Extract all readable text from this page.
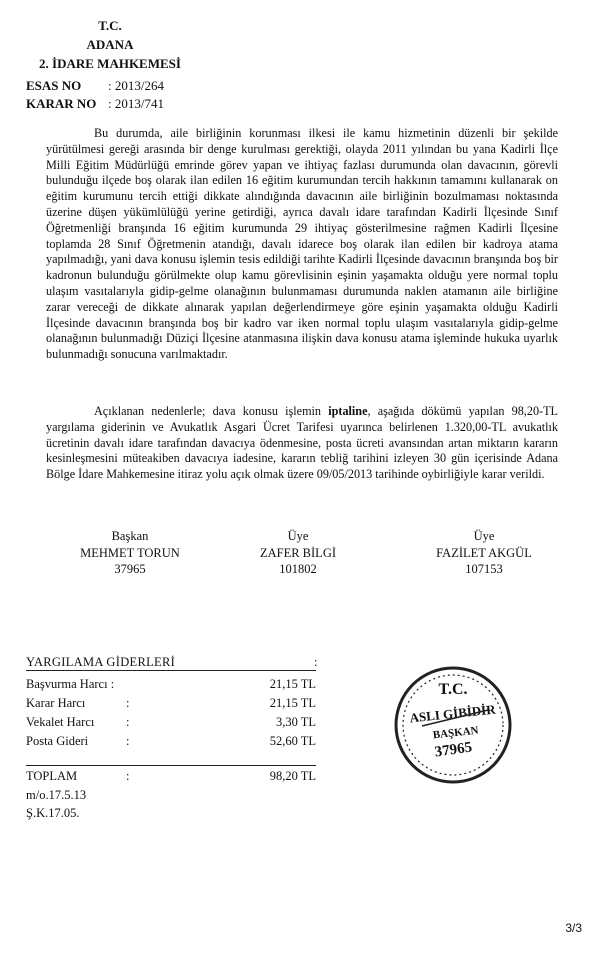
T.C.
ADANA
2. İDARE MAHKEMESİ
ESAS NO : 2013/264
KARAR NO : 2013/741
Bu durumda, aile birliğinin korunması ilkesi ile kamu hizmetinin düzenli bir şekilde yürütülmesi gereği arasında bir denge kurulması gerektiği, olayda 2011 yılından bu yana Kadirli İlçe Milli Eğitim Müdürlüğü emrinde görev yapan ve ihtiyaç fazlası durumunda olan davacının, görevli bulunduğu ilçede boş olarak ilan edilen 16 eğitim kurumundan tercih hakkının tamamını kullanarak on eğitim kurumunu tercih ettiği dikkate alındığında davacının aile birliğinin bozulmaması noktasında üzerine düşen yükümlülüğü yerine getirdiği, ayrıca davalı idare tarafından Kadirli İlçesinde Sınıf Öğretmenliği branşında 16 eğitim kurumunda 29 ihtiyaç gösterilmesine rağmen Kadirli İlçesine toplamda 28 Sınıf Öğretmenin atandığı, davalı idarece boş olarak ilan edilen bir kadroya atama yapılmadığı, yani dava konusu işlemin tesis edildiği tarihte Kadirli İlçesinde davacının branşında boş bir kadronun bulunduğu görülmekte olup kamu görevlisinin eşinin yaşamakta olduğu yere normal toplu ulaşım vasıtalarıyla gidip-gelme olanağının bulunmaması durumunda naklen atamanın aile birliğine zarar vereceği de dikkate alınarak yapılan değerlendirmeye göre eşinin yaşamakta olduğu Kadirli İlçesinde davacının branşında boş bir kadro var iken normal toplu ulaşım vasıtalarıyla gidip-gelme olanağının bulunmadığı Düziçi İlçesine atanmasına ilişkin dava konusu atama işleminde hukuka uyarlık bulunmadığı sonucuna varılmaktadır.
Açıklanan nedenlerle; dava konusu işlemin iptaline, aşağıda dökümü yapılan 98,20-TL yargılama giderinin ve Avukatlık Asgari Ücret Tarifesi uyarınca belirlenen 1.320,00-TL avukatlık ücretinin davalı idare tarafından davacıya ödenmesine, posta ücreti avansından artan miktarın kararın kesinleşmesini müteakiben davacıya iadesine, kararın tebliğ tarihini izleyen 30 gün içerisinde Adana Bölge İdare Mahkemesine itiraz yolu açık olmak üzere 09/05/2013 tarihinde oybirliğiyle karar verildi.
Başkan
MEHMET TORUN
37965
Üye
ZAFER BİLGİ
101802
Üye
FAZİLET AKGÜL
107153
YARGILAMA GİDERLERİ	:
Başvurma Harcı :	21,15 TL
Karar Harcı	:	21,15 TL
Vekalet Harcı	:	3,30 TL
Posta Gideri	:	52,60 TL
TOPLAM	:	98,20 TL
m/o.17.5.13
Ş.K.17.05.
T.C.
ASLI GİBİDİR
BAŞKAN
37965
3/3
